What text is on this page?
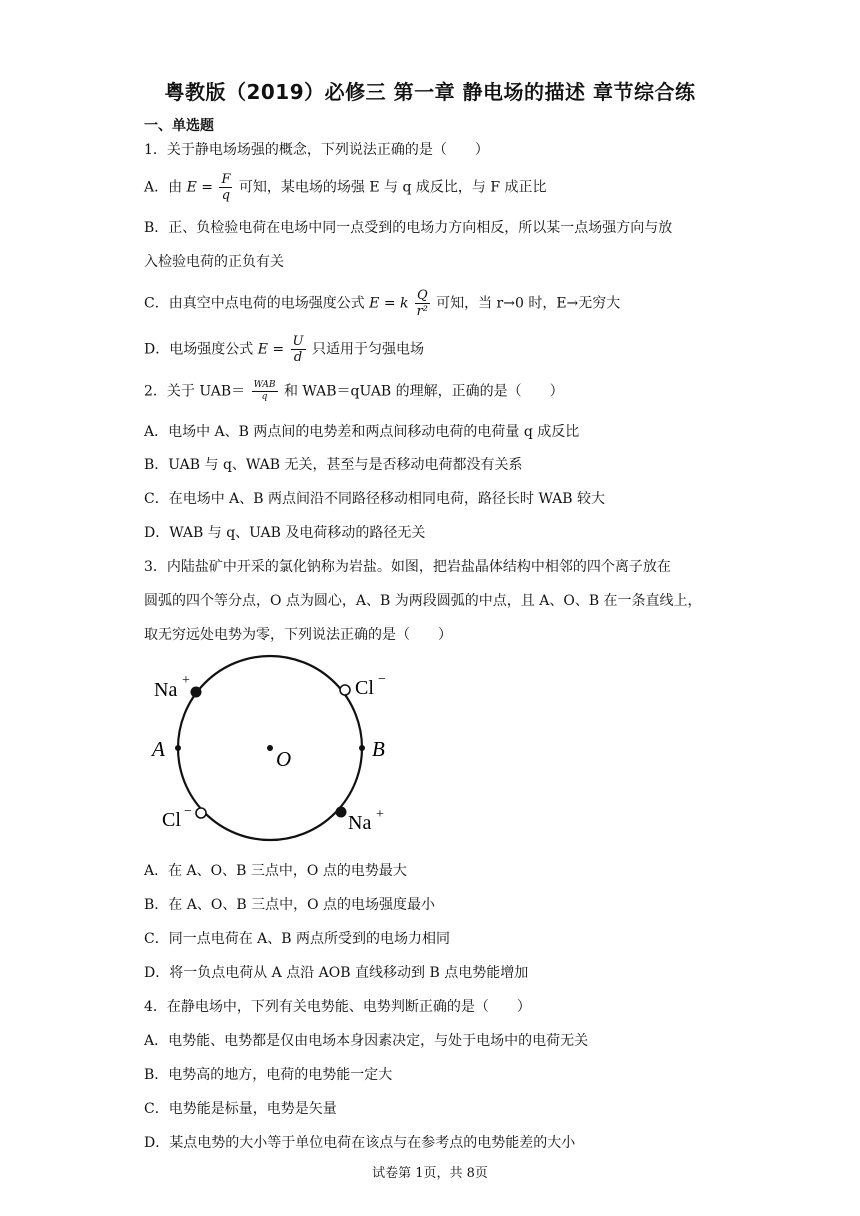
粤教版（2019）必修三 第一章 静电场的描述 章节综合练
一、单选题
1．关于静电场场强的概念，下列说法正确的是（　　）
A．由 $E = \frac{F}{q}$ 可知，某电场的场强 E 与 q 成反比，与 F 成正比
B．正、负检验电荷在电场中同一点受到的电场力方向相反，所以某一点场强方向与放
入检验电荷的正负有关
C．由真空中点电荷的电场强度公式 E = k $\frac{Q}{\text{r²}}$ 可知，当 r→0 时，E→无穷大
D．电场强度公式 $E = \frac{U}{d}$ 只适用于匀强电场
2．关于 $UAB= \frac{\text{WAB}}{q}$ 和 WAB＝qUAB 的理解，正确的是（　　）
A．电场中 A、B 两点间的电势差和两点间移动电荷的电荷量 q 成反比
B．UAB 与 q、WAB 无关，甚至与是否移动电荷都没有关系
C．在电场中 A、B 两点间沿不同路径移动相同电荷，路径长时 WAB 较大
D．WAB 与 q、UAB 及电荷移动的路径无关
3．内陆盐矿中开采的氯化钠称为岩盐。如图，把岩盐晶体结构中相邻的四个离子放在
圆弧的四个等分点，O 点为圆心，A、B 为两段圆弧的中点，且 A、O、B 在一条直线上，
取无穷远处电势为零，下列说法正确的是（　　）
Na +	Cl −
Cl −
Na +
A	O	B
A．在 A、O、B 三点中，O 点的电势最大
B．在 A、O、B 三点中，O 点的电场强度最小
C．同一点电荷在 A、B 两点所受到的电场力相同
D．将一负点电荷从 A 点沿 AOB 直线移动到 B 点电势能增加
4．在静电场中，下列有关电势能、电势判断正确的是（　　）
A．电势能、电势都是仅由电场本身因素决定，与处于电场中的电荷无关
B．电势高的地方，电荷的电势能一定大
C．电势能是标量，电势是矢量
D．某点电势的大小等于单位电荷在该点与在参考点的电势能差的大小
试卷第 1页，共 8页
